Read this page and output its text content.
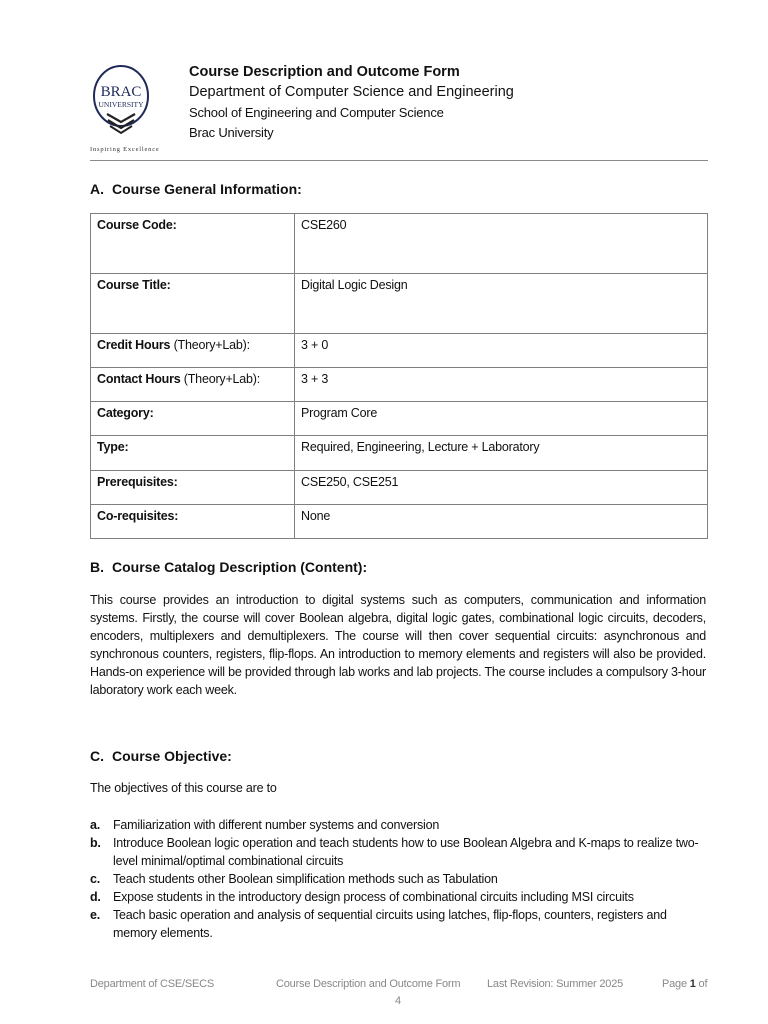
BRAC
UNIVERSITY
Inspiring Excellence
Course Description and Outcome Form
Department of Computer Science and Engineering
School of Engineering and Computer Science
Brac University
A. Course General Information:
Course Code:	CSE260
Course Title:	Digital Logic Design
Credit Hours (Theory+Lab):	3 + 0
Contact Hours (Theory+Lab):	3 + 3
Category:	Program Core
Type:	Required, Engineering, Lecture + Laboratory
Prerequisites:	CSE250, CSE251
Co-requisites:	None
B. Course Catalog Description (Content):
This course provides an introduction to digital systems such as computers, communication and information systems. Firstly, the course will cover Boolean algebra, digital logic gates, combinational logic circuits, decoders, encoders, multiplexers and demultiplexers. The course will then cover sequential circuits: asynchronous and synchronous counters, registers, flip-flops. An introduction to memory elements and registers will also be provided. Hands-on experience will be provided through lab works and lab projects. The course includes a compulsory 3-hour laboratory work each week.
C. Course Objective:
The objectives of this course are to
a. Familiarization with different number systems and conversion
b. Introduce Boolean logic operation and teach students how to use Boolean Algebra and K-maps to realize two-level minimal/optimal combinational circuits
c. Teach students other Boolean simplification methods such as Tabulation
d. Expose students in the introductory design process of combinational circuits including MSI circuits
e. Teach basic operation and analysis of sequential circuits using latches, flip-flops, counters, registers and memory elements.
Department of CSE/SECS	Course Description and Outcome Form Last Revision: Summer 2025	Page 1 of
4
